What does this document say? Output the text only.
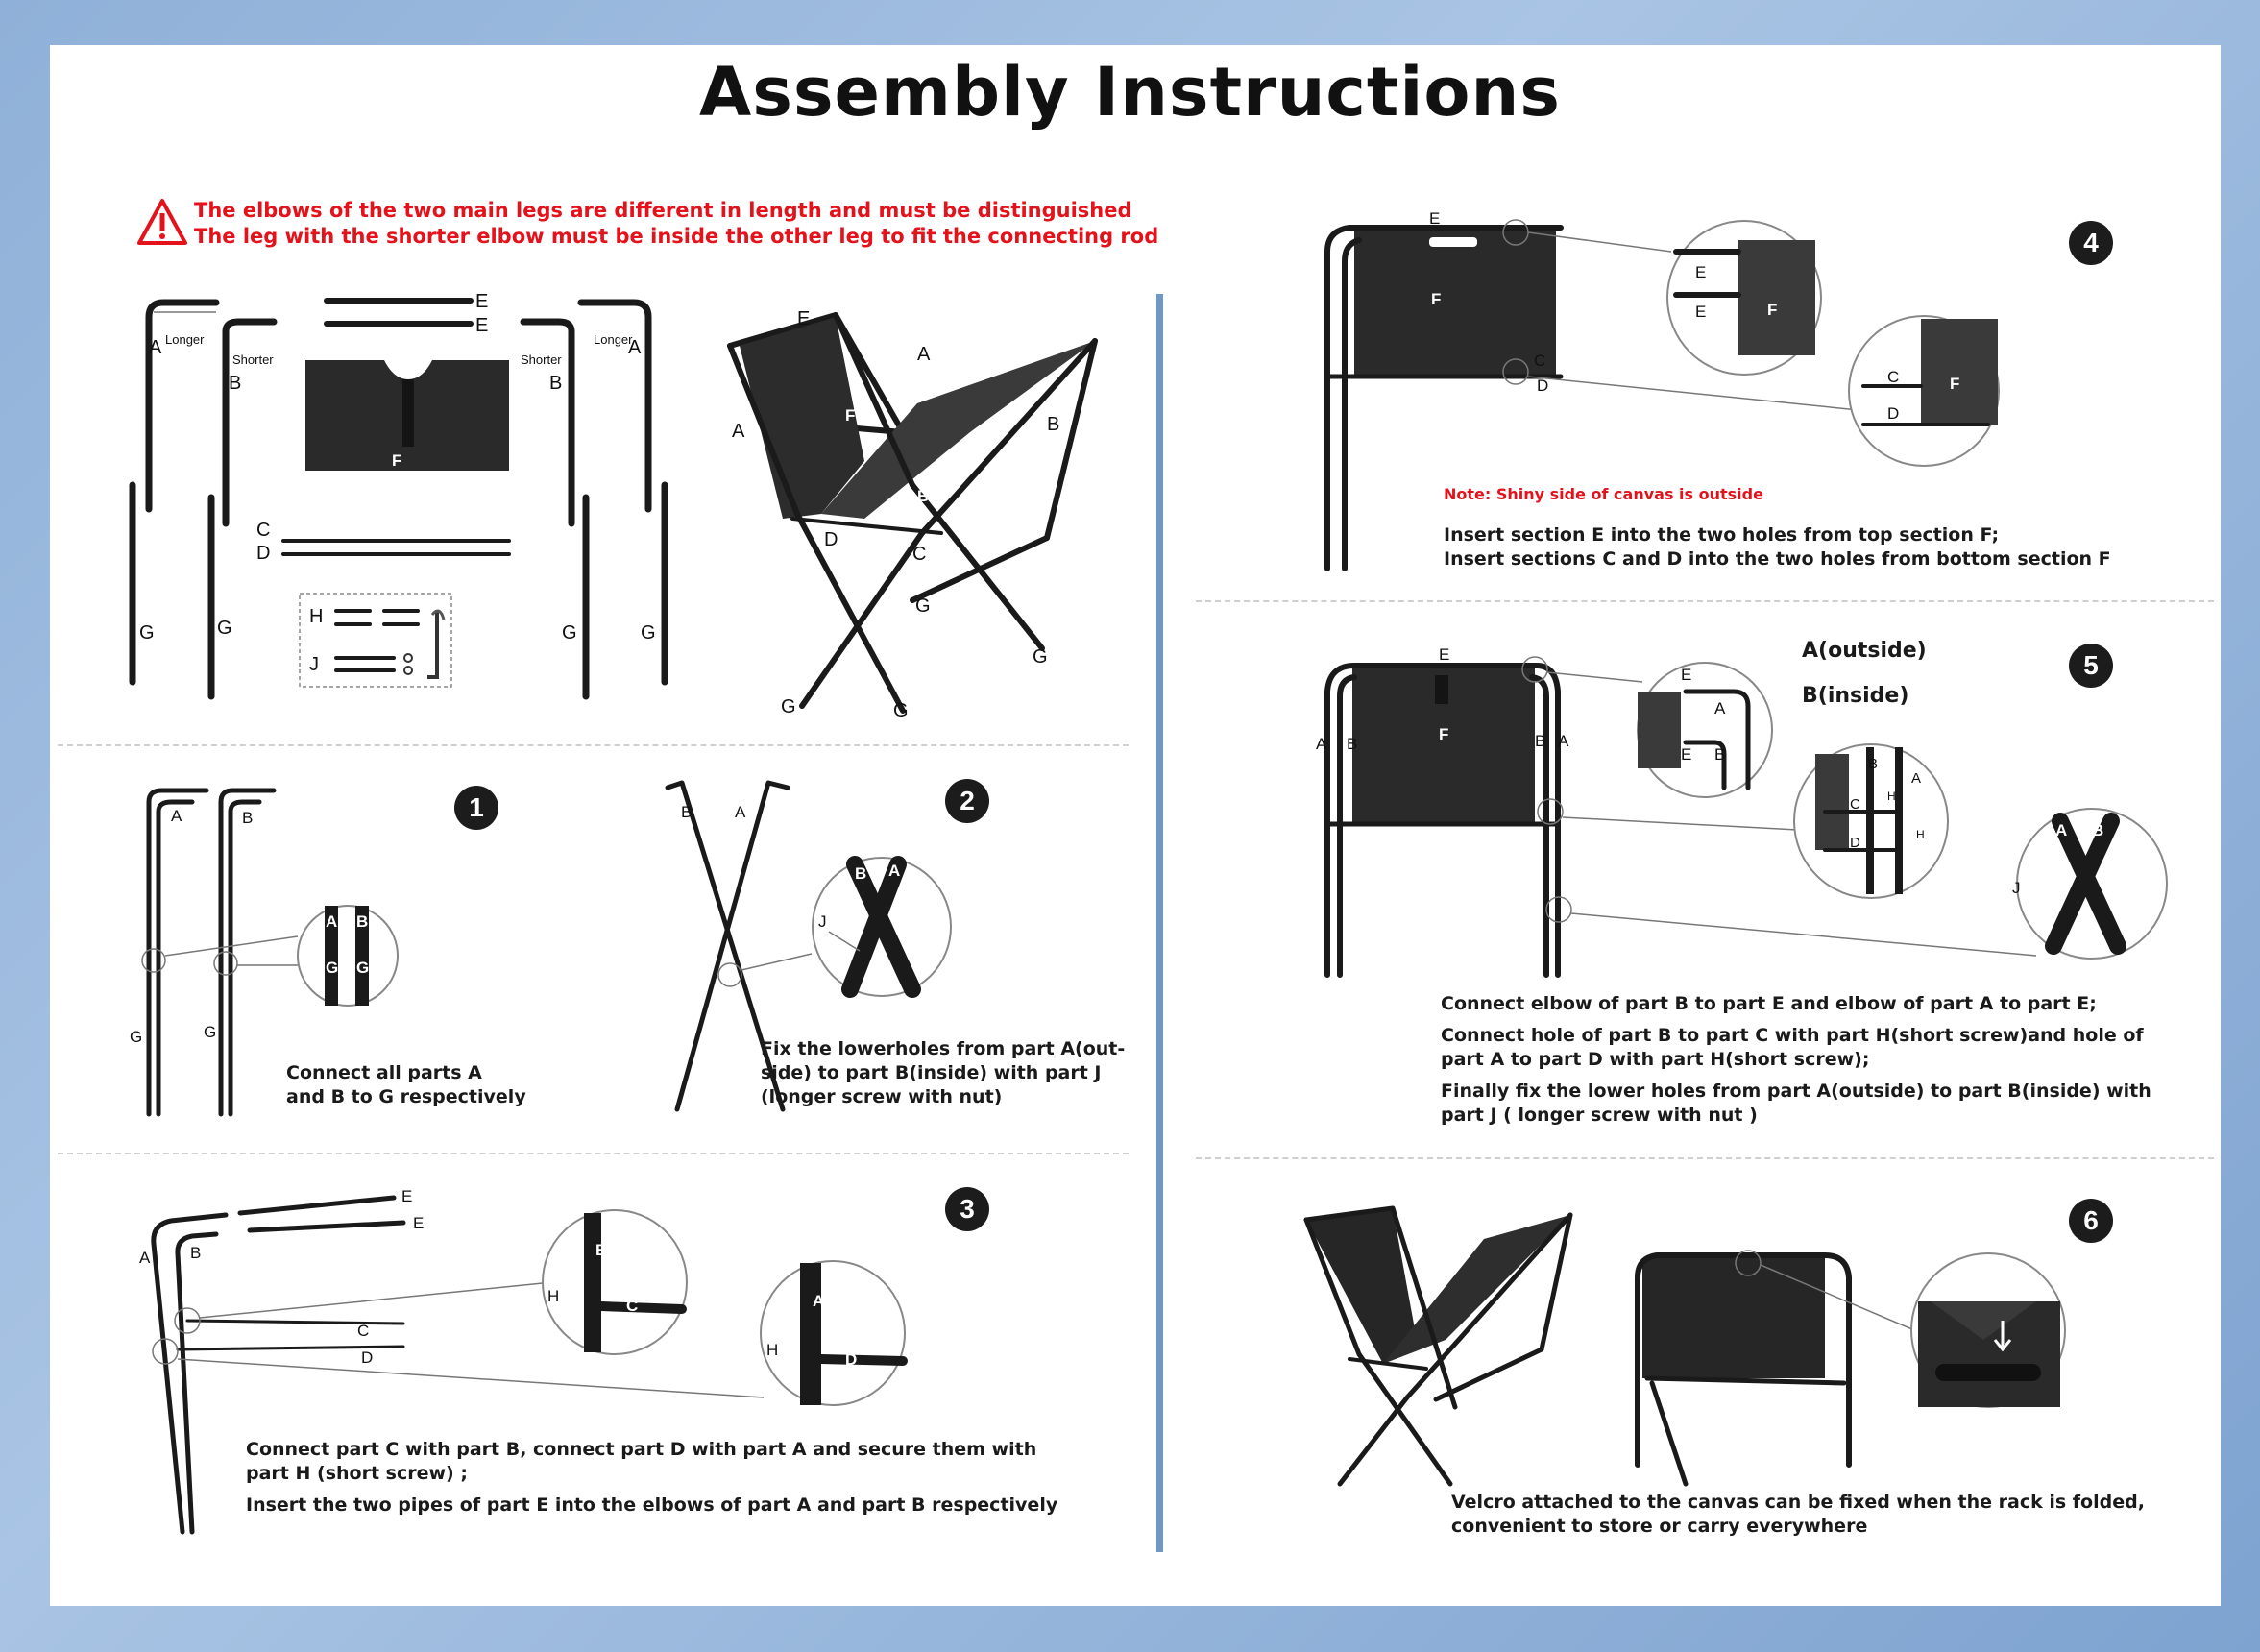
Assembly Instructions
The elbows of the two main legs are different in length and must be distinguished
The leg with the shorter elbow must be inside the other leg to fit the connecting rod
A Longer
B
Shorter
G	G
E
E
F
C
D
H
J
B
Shorter
A
Longer
G	G
E
F
A
A	B
B
D
C
G
G
G	G
1
A	B
G	G
A B
G G
Connect all parts A
and B to G respectively
2
B	A
B A
J
Fix the lowerholes from part A(out-
side) to part B(inside) with part J
(longer screw with nut)
3
E
E
A B
C
D
B
H
C	A
H
D

Connect part C with part B, connect part D with part A and secure them with
part H (short screw) ;

Insert the two pipes of part E into the elbows of part A and part B respectively

4
E
F
C
D
E
E	F
C
D
F
Note: Shiny side of canvas is outside
Insert section E into the two holes from top section F;
Insert sections C and D into the two holes from bottom section F
5
E
F
A B	B A
E
A
E B
B
A
C
D
H
H	A B
J
A(outside)
B(inside)

Connect elbow of part B to part E and elbow of part A to part E;

Connect hole of part B to part C with part H(short screw)and hole of
part A to part D with part H(short screw);

Finally fix the lower holes from part A(outside) to part B(inside) with
part J ( longer screw with nut )

6
Velcro attached to the canvas can be fixed when the rack is folded,
convenient to store or carry everywhere
